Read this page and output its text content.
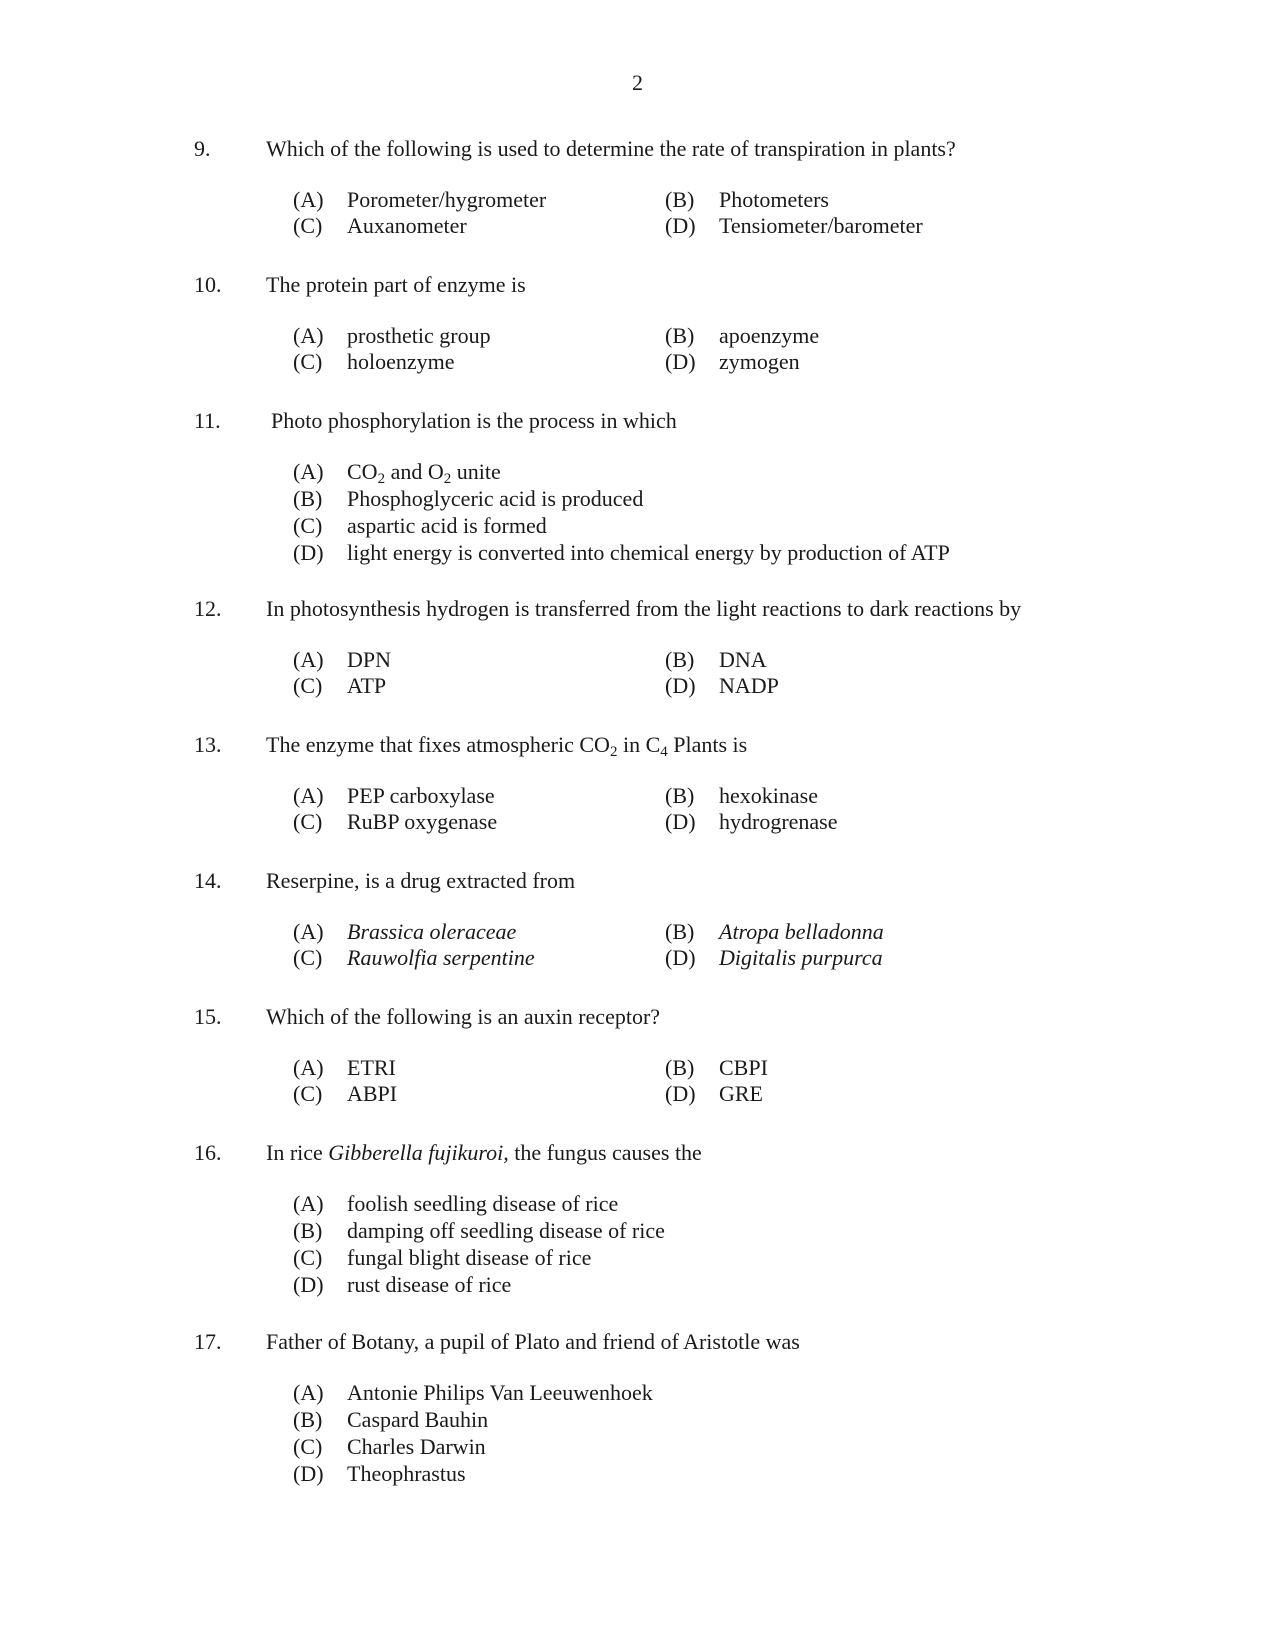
2
9.	Which of the following is used to determine the rate of transpiration in plants?
(A) Porometer/hygrometer	(B) Photometers
(C) Auxanometer	(D) Tensiometer/barometer
10. The protein part of enzyme is
(A) prosthetic group	(B) apoenzyme
(C) holoenzyme	(D) zymogen
11. Photo phosphorylation is the process in which
(A) $CO_2$ and $O_2$ unite
(B) Phosphoglyceric acid is produced
(C) aspartic acid is formed
(D) light energy is converted into chemical energy by production of ATP
12. In photosynthesis hydrogen is transferred from the light reactions to dark reactions by
(A) DPN	(B) DNA
(C) ATP	(D) NADP
13. The enzyme that fixes atmospheric $CO_2$ in $C_4$ Plants is
(A) PEP carboxylase	(B) hexokinase
(C) RuBP oxygenase	(D) hydrogrenase
14. Reserpine, is a drug extracted from
(A) Brassica oleraceae	(B) Atropa belladonna
(C) Rauwolfia serpentine	(D) Digitalis purpurca
15. Which of the following is an auxin receptor?
(A) ETRI	(B) CBPI
(C) ABPI	(D) GRE
16. In rice Gibberella fujikuroi, the fungus causes the
(A) foolish seedling disease of rice
(B) damping off seedling disease of rice
(C) fungal blight disease of rice
(D) rust disease of rice
17. Father of Botany, a pupil of Plato and friend of Aristotle was
(A) Antonie Philips Van Leeuwenhoek
(B) Caspard Bauhin
(C) Charles Darwin
(D) Theophrastus
